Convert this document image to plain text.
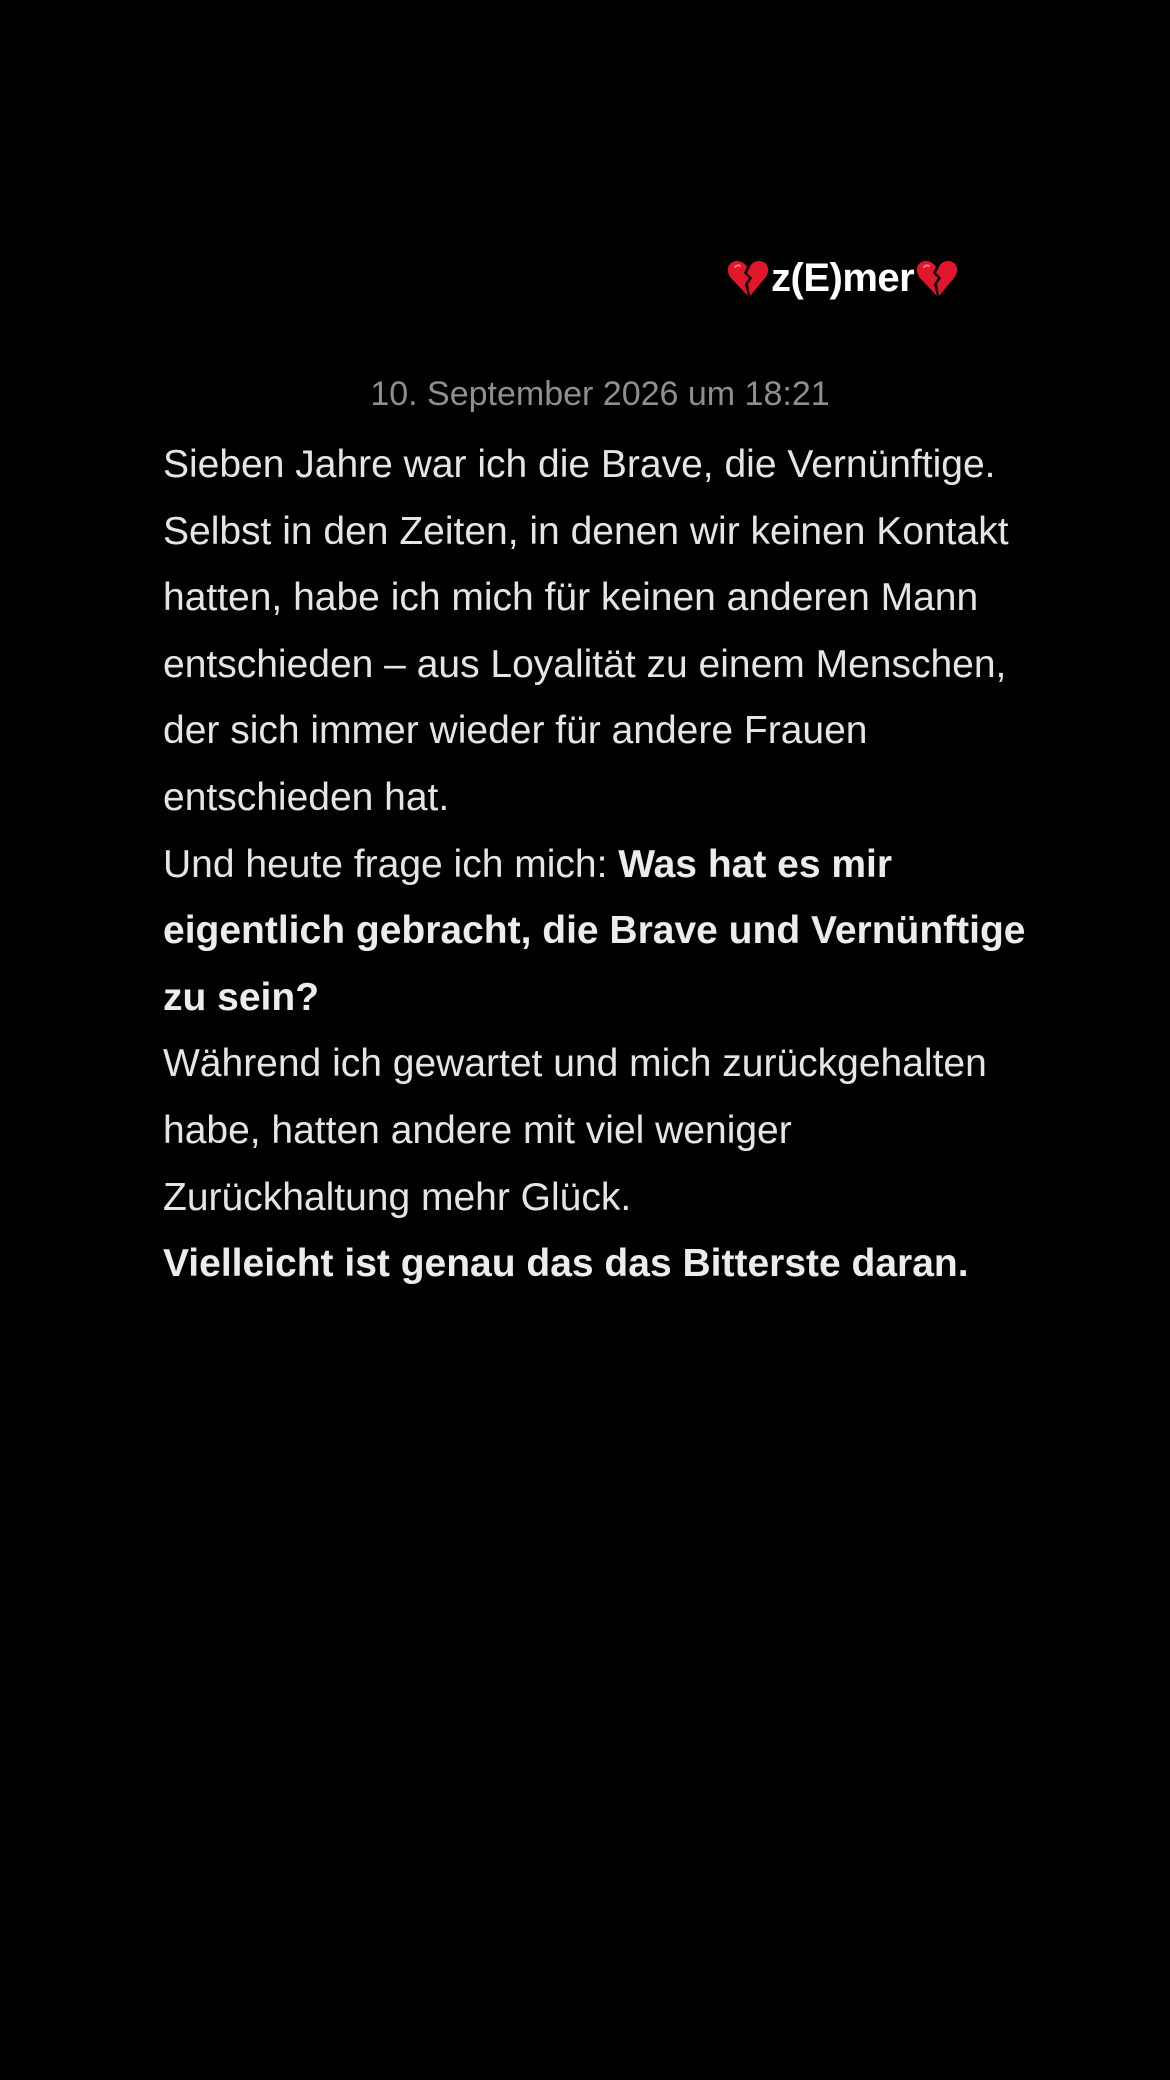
z(E)mer
10. September 2026 um 18:21

Sieben Jahre war ich die Brave, die Vernünftige. Selbst in den Zeiten, in denen wir keinen Kontakt hatten, habe ich mich für keinen anderen Mann entschieden – aus Loyalität zu einem Menschen, der sich immer wieder für andere Frauen entschieden hat.

Und heute frage ich mich: Was hat es mir eigentlich gebracht, die Brave und Vernünftige zu sein?

Während ich gewartet und mich zurückgehalten habe, hatten andere mit viel weniger Zurückhaltung mehr Glück.

Vielleicht ist genau das das Bitterste daran.
